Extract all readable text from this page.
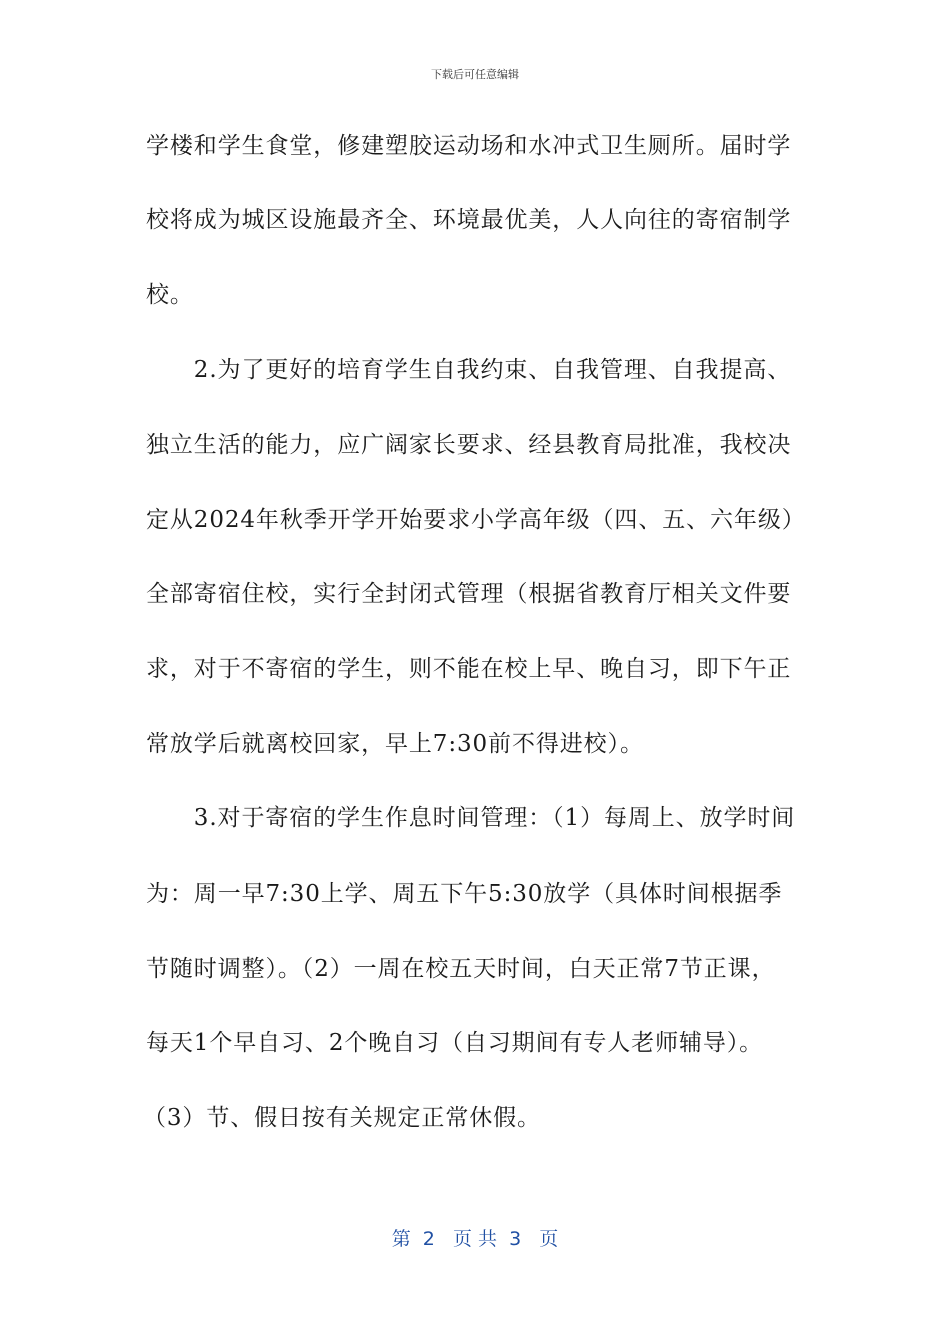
下载后可任意编辑
学楼和学生食堂，修建塑胶运动场和水冲式卫生厕所。届时学
校将成为城区设施最齐全、环境最优美，人人向往的寄宿制学
校。
　　2.为了更好的培育学生自我约束、自我管理、自我提高、
独立生活的能力，应广阔家长要求、经县教育局批准，我校决
定从2024年秋季开学开始要求小学高年级（四、五、六年级）
全部寄宿住校，实行全封闭式管理（根据省教育厅相关文件要
求，对于不寄宿的学生，则不能在校上早、晚自习，即下午正
常放学后就离校回家，早上7:30前不得进校）。
　　3.对于寄宿的学生作息时间管理：（1）每周上、放学时间
为：周一早7:30上学、周五下午5:30放学（具体时间根据季
节随时调整）。（2）一周在校五天时间，白天正常7节正课，
每天1个早自习、2个晚自习（自习期间有专人老师辅导）。
（3）节、假日按有关规定正常休假。
第  2   页 共  3   页
